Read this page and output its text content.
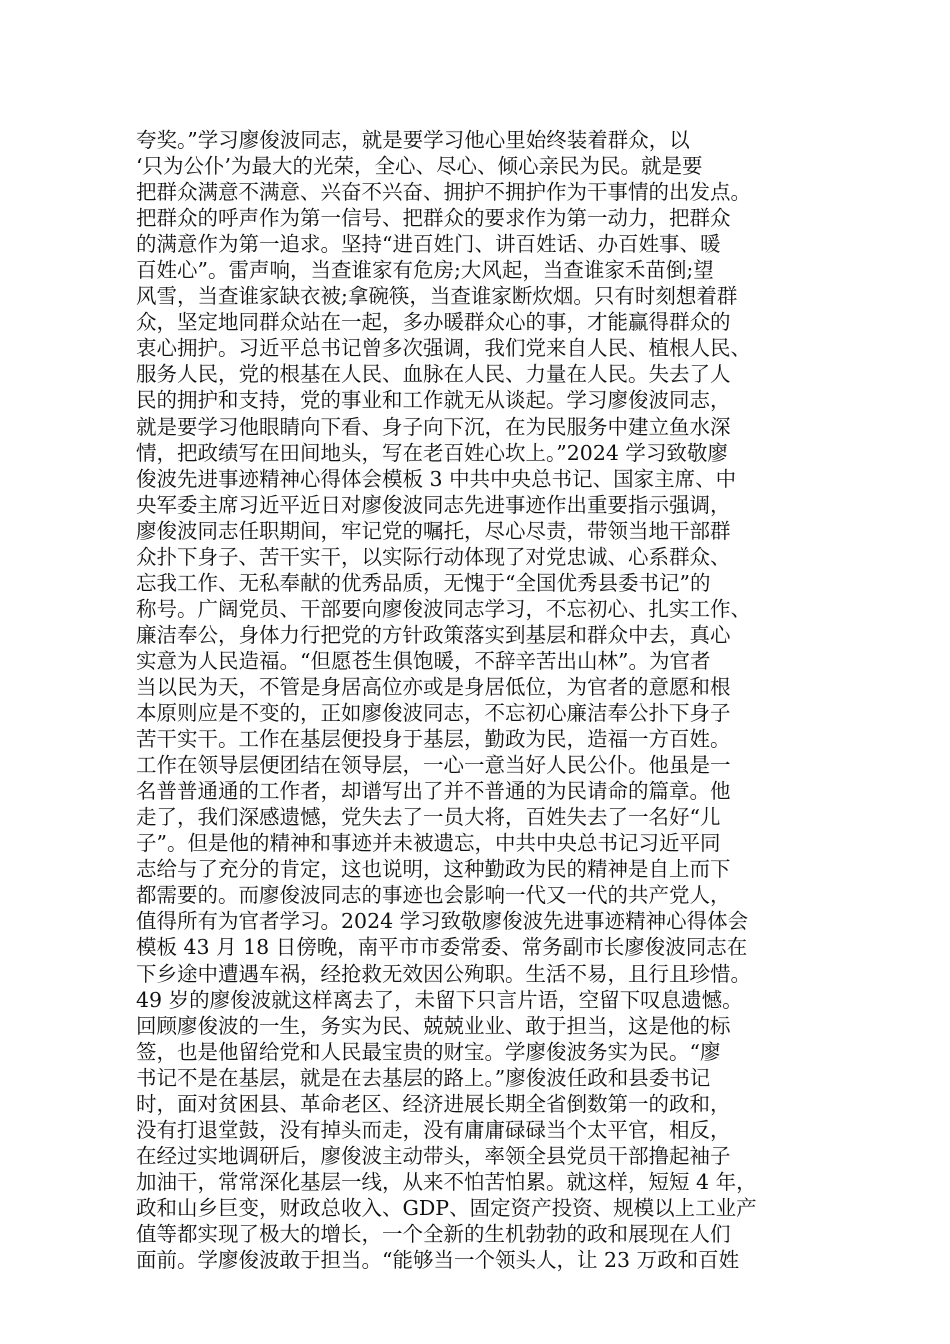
夸奖。”学习廖俊波同志，就是要学习他心里始终装着群众，以
‘只为公仆’为最大的光荣，全心、尽心、倾心亲民为民。就是要
把群众满意不满意、兴奋不兴奋、拥护不拥护作为干事情的出发点。
把群众的呼声作为第一信号、把群众的要求作为第一动力，把群众
的满意作为第一追求。坚持“进百姓门、讲百姓话、办百姓事、暖
百姓心”。雷声响，当查谁家有危房;大风起，当查谁家禾苗倒;望
风雪，当查谁家缺衣被;拿碗筷，当查谁家断炊烟。只有时刻想着群
众，坚定地同群众站在一起，多办暖群众心的事，才能赢得群众的
衷心拥护。习近平总书记曾多次强调，我们党来自人民、植根人民、
服务人民，党的根基在人民、血脉在人民、力量在人民。失去了人
民的拥护和支持，党的事业和工作就无从谈起。学习廖俊波同志，
就是要学习他眼睛向下看、身子向下沉，在为民服务中建立鱼水深
情，把政绩写在田间地头，写在老百姓心坎上。”2024 学习致敬廖
俊波先进事迹精神心得体会模板 3 中共中央总书记、国家主席、中
央军委主席习近平近日对廖俊波同志先进事迹作出重要指示强调，
廖俊波同志任职期间，牢记党的嘱托，尽心尽责，带领当地干部群
众扑下身子、苦干实干，以实际行动体现了对党忠诚、心系群众、
忘我工作、无私奉献的优秀品质，无愧于“全国优秀县委书记”的
称号。广阔党员、干部要向廖俊波同志学习，不忘初心、扎实工作、
廉洁奉公，身体力行把党的方针政策落实到基层和群众中去，真心
实意为人民造福。“但愿苍生俱饱暖，不辞辛苦出山林”。为官者
当以民为天，不管是身居高位亦或是身居低位，为官者的意愿和根
本原则应是不变的，正如廖俊波同志，不忘初心廉洁奉公扑下身子
苦干实干。工作在基层便投身于基层，勤政为民，造福一方百姓。
工作在领导层便团结在领导层，一心一意当好人民公仆。他虽是一
名普普通通的工作者，却谱写出了并不普通的为民请命的篇章。他
走了，我们深感遗憾，党失去了一员大将，百姓失去了一名好“儿
子”。但是他的精神和事迹并未被遗忘，中共中央总书记习近平同
志给与了充分的肯定，这也说明，这种勤政为民的精神是自上而下
都需要的。而廖俊波同志的事迹也会影响一代又一代的共产党人，
值得所有为官者学习。2024 学习致敬廖俊波先进事迹精神心得体会
模板 43 月 18 日傍晚，南平市市委常委、常务副市长廖俊波同志在
下乡途中遭遇车祸，经抢救无效因公殉职。生活不易，且行且珍惜。
49 岁的廖俊波就这样离去了，未留下只言片语，空留下叹息遗憾。
回顾廖俊波的一生，务实为民、兢兢业业、敢于担当，这是他的标
签，也是他留给党和人民最宝贵的财宝。学廖俊波务实为民。“廖
书记不是在基层，就是在去基层的路上。”廖俊波任政和县委书记
时，面对贫困县、革命老区、经济进展长期全省倒数第一的政和，
没有打退堂鼓，没有掉头而走，没有庸庸碌碌当个太平官，相反，
在经过实地调研后，廖俊波主动带头，率领全县党员干部撸起袖子
加油干，常常深化基层一线，从来不怕苦怕累。就这样，短短 4 年，
政和山乡巨变，财政总收入、GDP、固定资产投资、规模以上工业产
值等都实现了极大的增长，一个全新的生机勃勃的政和展现在人们
面前。学廖俊波敢于担当。“能够当一个领头人，让 23 万政和百姓
